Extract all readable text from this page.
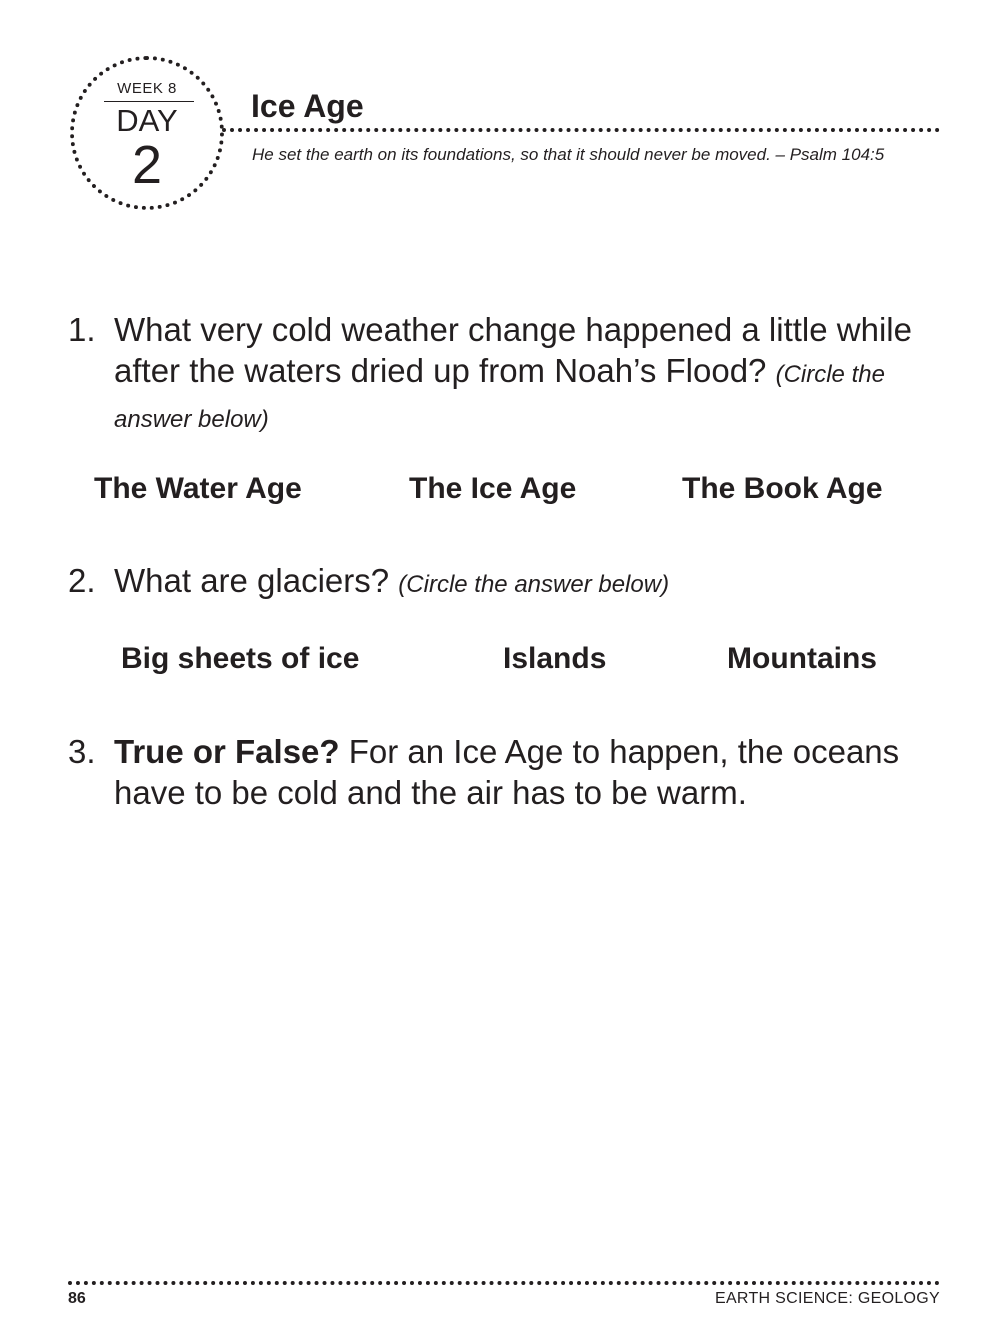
WEEK 8
DAY
2
Ice Age
He set the earth on its foundations, so that it should never be moved. – Psalm 104:5
1. What very cold weather change happened a little while after the waters dried up from Noah’s Flood? (Circle the answer below)
The Water Age	The Ice Age	The Book Age
2. What are glaciers? (Circle the answer below)
Big sheets of ice	Islands	Mountains
3. True or False? For an Ice Age to happen, the oceans have to be cold and the air has to be warm.
86	EARTH SCIENCE: GEOLOGY
